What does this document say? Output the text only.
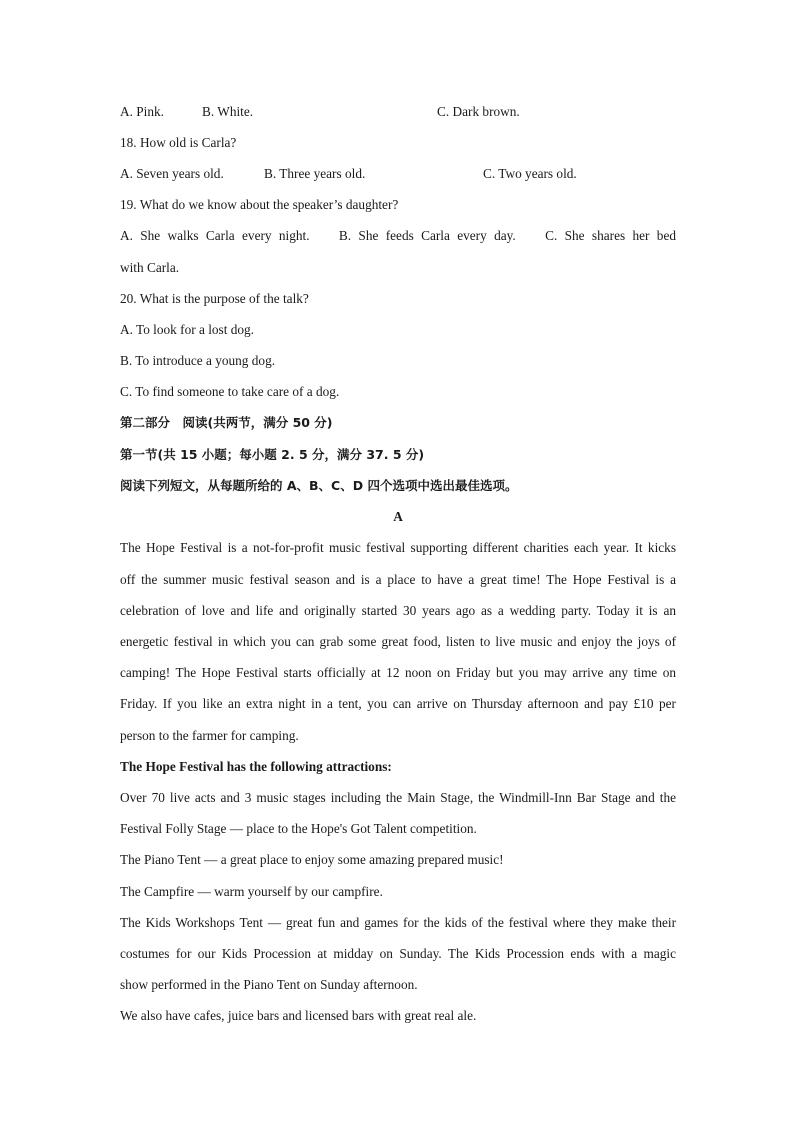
A. Pink.	B. White.	C. Dark brown.
18. How old is Carla?
A. Seven years old.	B. Three years old.	C. Two years old.
19. What do we know about the speaker’s daughter?
A. She walks Carla every night.    B. She feeds Carla every day.    C. She shares her bed
with Carla.
20. What is the purpose of the talk?
A. To look for a lost dog.
B. To introduce a young dog.
C. To find someone to take care of a dog.
第二部分　阅读(共两节，满分 50 分)
第一节(共 15 小题；每小题 2. 5 分，满分 37. 5 分)
阅读下列短文，从每题所给的 A、B、C、D 四个选项中选出最佳选项。
A
The Hope Festival is a not-for-profit music festival supporting different charities each year. It kicks
off the summer music festival season and is a place to have a great time! The Hope Festival is a
celebration of love and life and originally started 30 years ago as a wedding party. Today it is an
energetic festival in which you can grab some great food, listen to live music and enjoy the joys of
camping! The Hope Festival starts officially at 12 noon on Friday but you may arrive any time on
Friday. If you like an extra night in a tent, you can arrive on Thursday afternoon and pay £10 per
person to the farmer for camping.
The Hope Festival has the following attractions:
Over 70 live acts and 3 music stages including the Main Stage, the Windmill-Inn Bar Stage and the
Festival Folly Stage — place to the Hope's Got Talent competition.
The Piano Tent — a great place to enjoy some amazing prepared music!
The Campfire — warm yourself by our campfire.
The Kids Workshops Tent — great fun and games for the kids of the festival where they make their
costumes for our Kids Procession at midday on Sunday. The Kids Procession ends with a magic
show performed in the Piano Tent on Sunday afternoon.
We also have cafes, juice bars and licensed bars with great real ale.
